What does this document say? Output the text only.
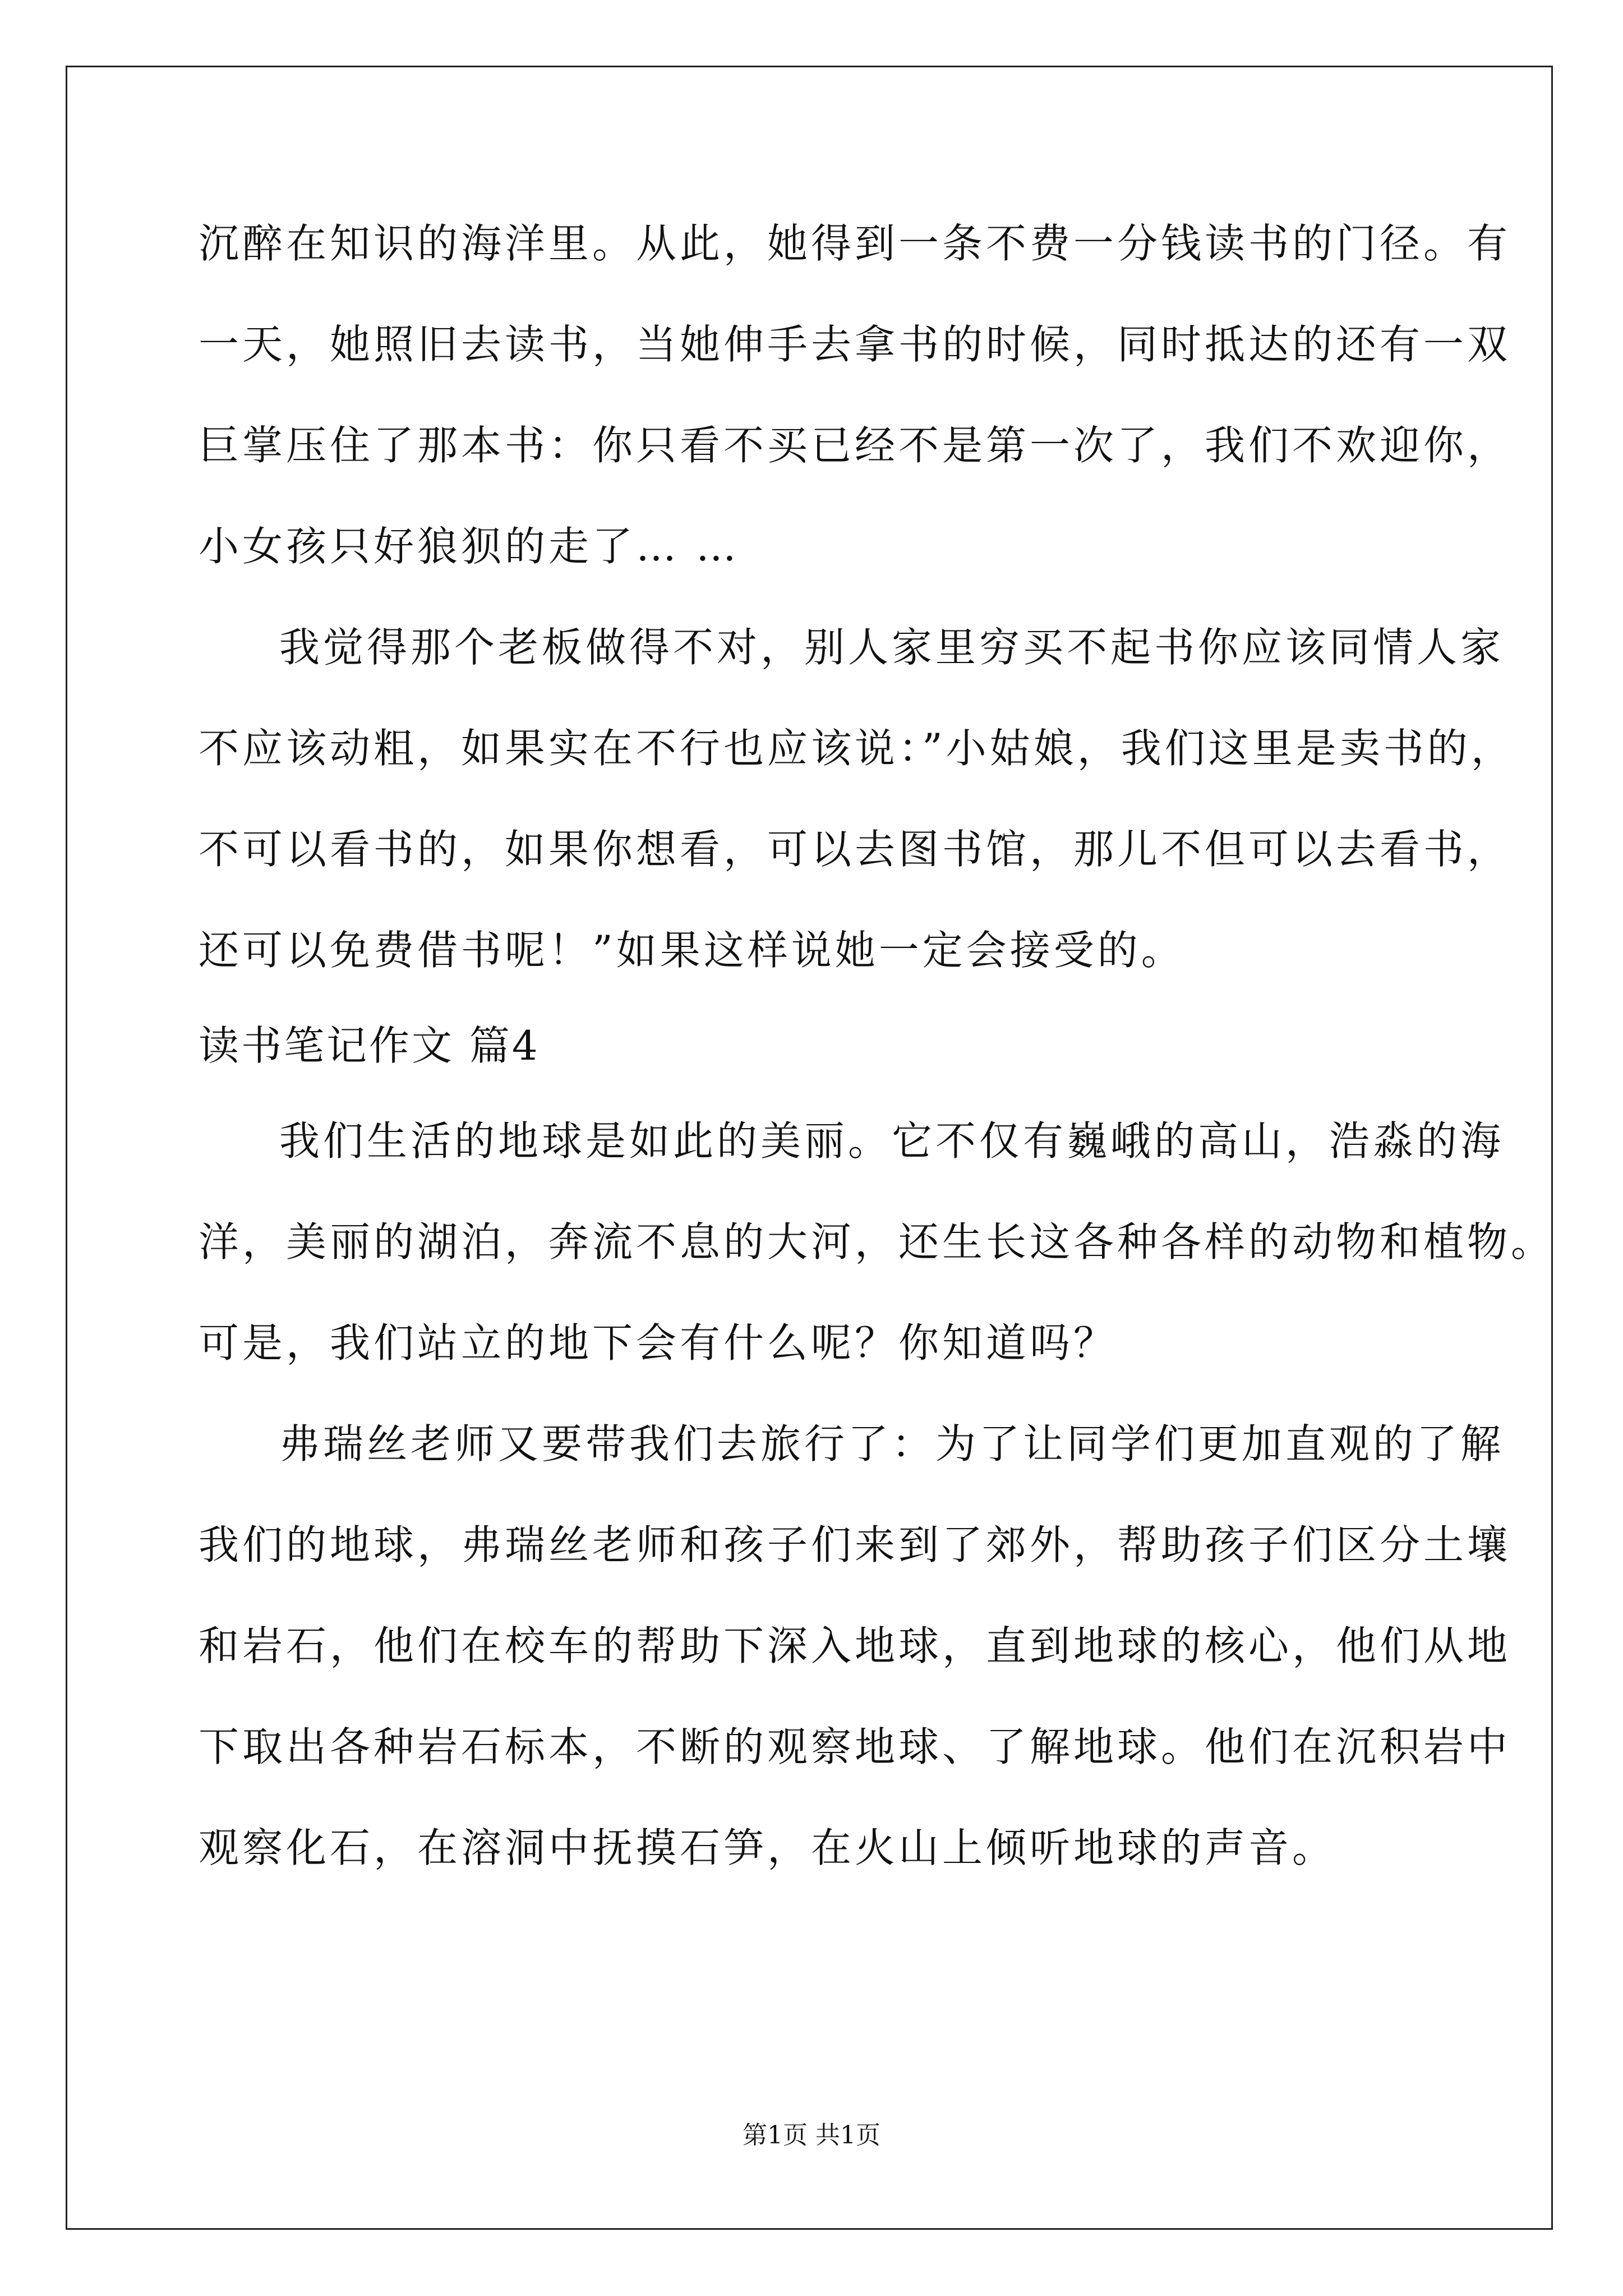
沉醉在知识的海洋里。从此，她得到一条不费一分钱读书的门径。有
一天，她照旧去读书，当她伸手去拿书的时候，同时抵达的还有一双
巨掌压住了那本书：你只看不买已经不是第一次了，我们不欢迎你，
小女孩只好狼狈的走了… …
我觉得那个老板做得不对，别人家里穷买不起书你应该同情人家
不应该动粗，如果实在不行也应该说：”小姑娘，我们这里是卖书的，
不可以看书的，如果你想看，可以去图书馆，那儿不但可以去看书，
还可以免费借书呢！”如果这样说她一定会接受的。
读书笔记作文 篇4
我们生活的地球是如此的美丽。它不仅有巍峨的高山，浩淼的海
洋，美丽的湖泊，奔流不息的大河，还生长这各种各样的动物和植物。
可是，我们站立的地下会有什么呢？你知道吗？
弗瑞丝老师又要带我们去旅行了：为了让同学们更加直观的了解
我们的地球，弗瑞丝老师和孩子们来到了郊外，帮助孩子们区分土壤
和岩石，他们在校车的帮助下深入地球，直到地球的核心，他们从地
下取出各种岩石标本，不断的观察地球、了解地球。他们在沉积岩中
观察化石，在溶洞中抚摸石笋，在火山上倾听地球的声音。
第1页 共1页
